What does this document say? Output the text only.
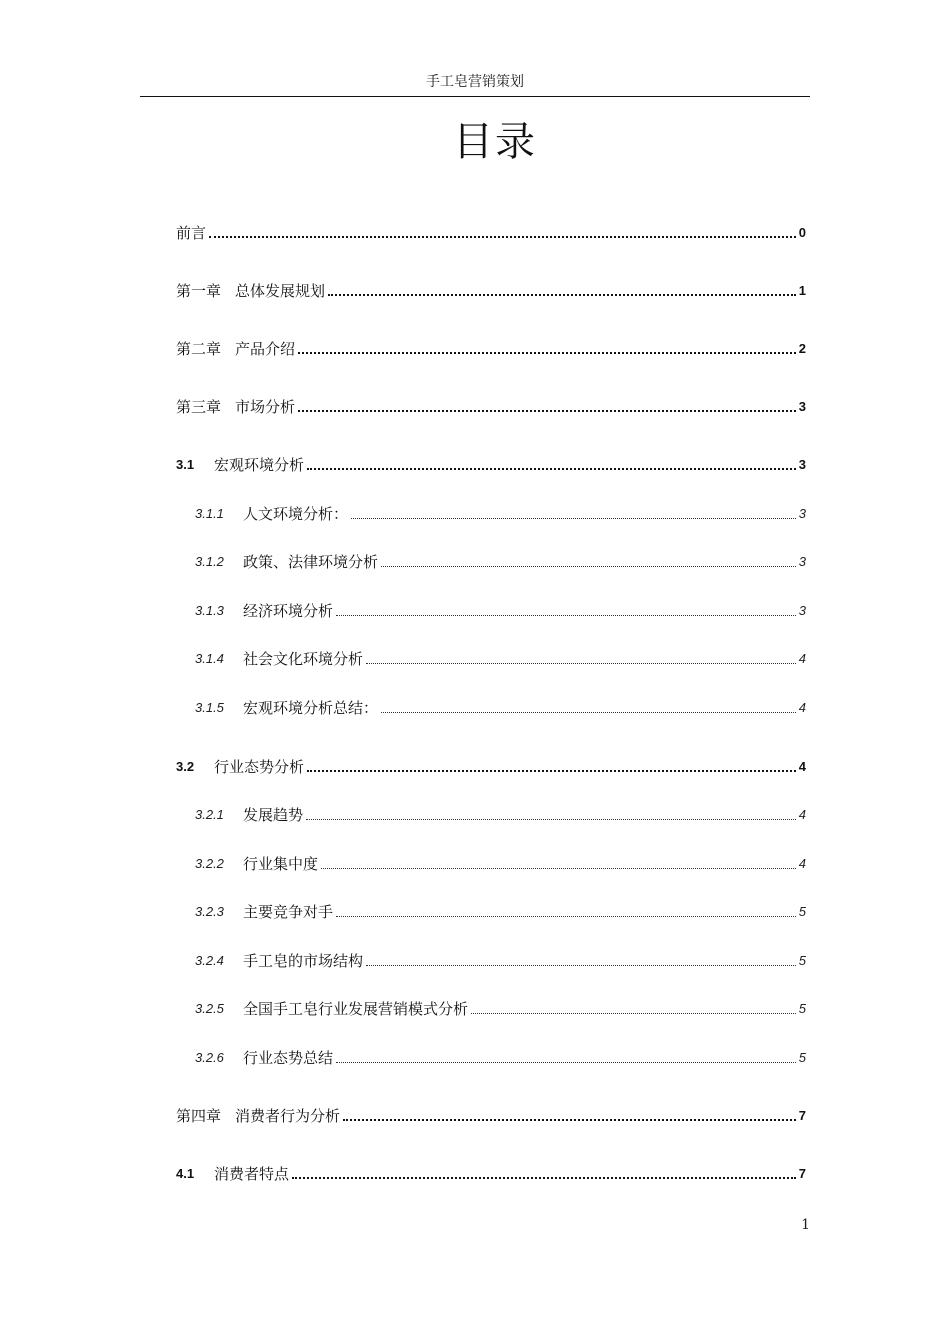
手工皂营销策划
目录
前言	0
第一章 总体发展规划	1
第二章 产品介绍	2
第三章 市场分析	3
3.1	宏观环境分析	3
3.1.1	人文环境分析：	3
3.1.2	政策、法律环境分析	3
3.1.3	经济环境分析	3
3.1.4	社会文化环境分析	4
3.1.5	宏观环境分析总结：	4
3.2	行业态势分析	4
3.2.1	发展趋势	4
3.2.2	行业集中度	4
3.2.3	主要竞争对手	5
3.2.4	手工皂的市场结构	5
3.2.5	全国手工皂行业发展营销模式分析	5
3.2.6	行业态势总结	5
第四章 消费者行为分析	7
4.1	消费者特点	7
1
